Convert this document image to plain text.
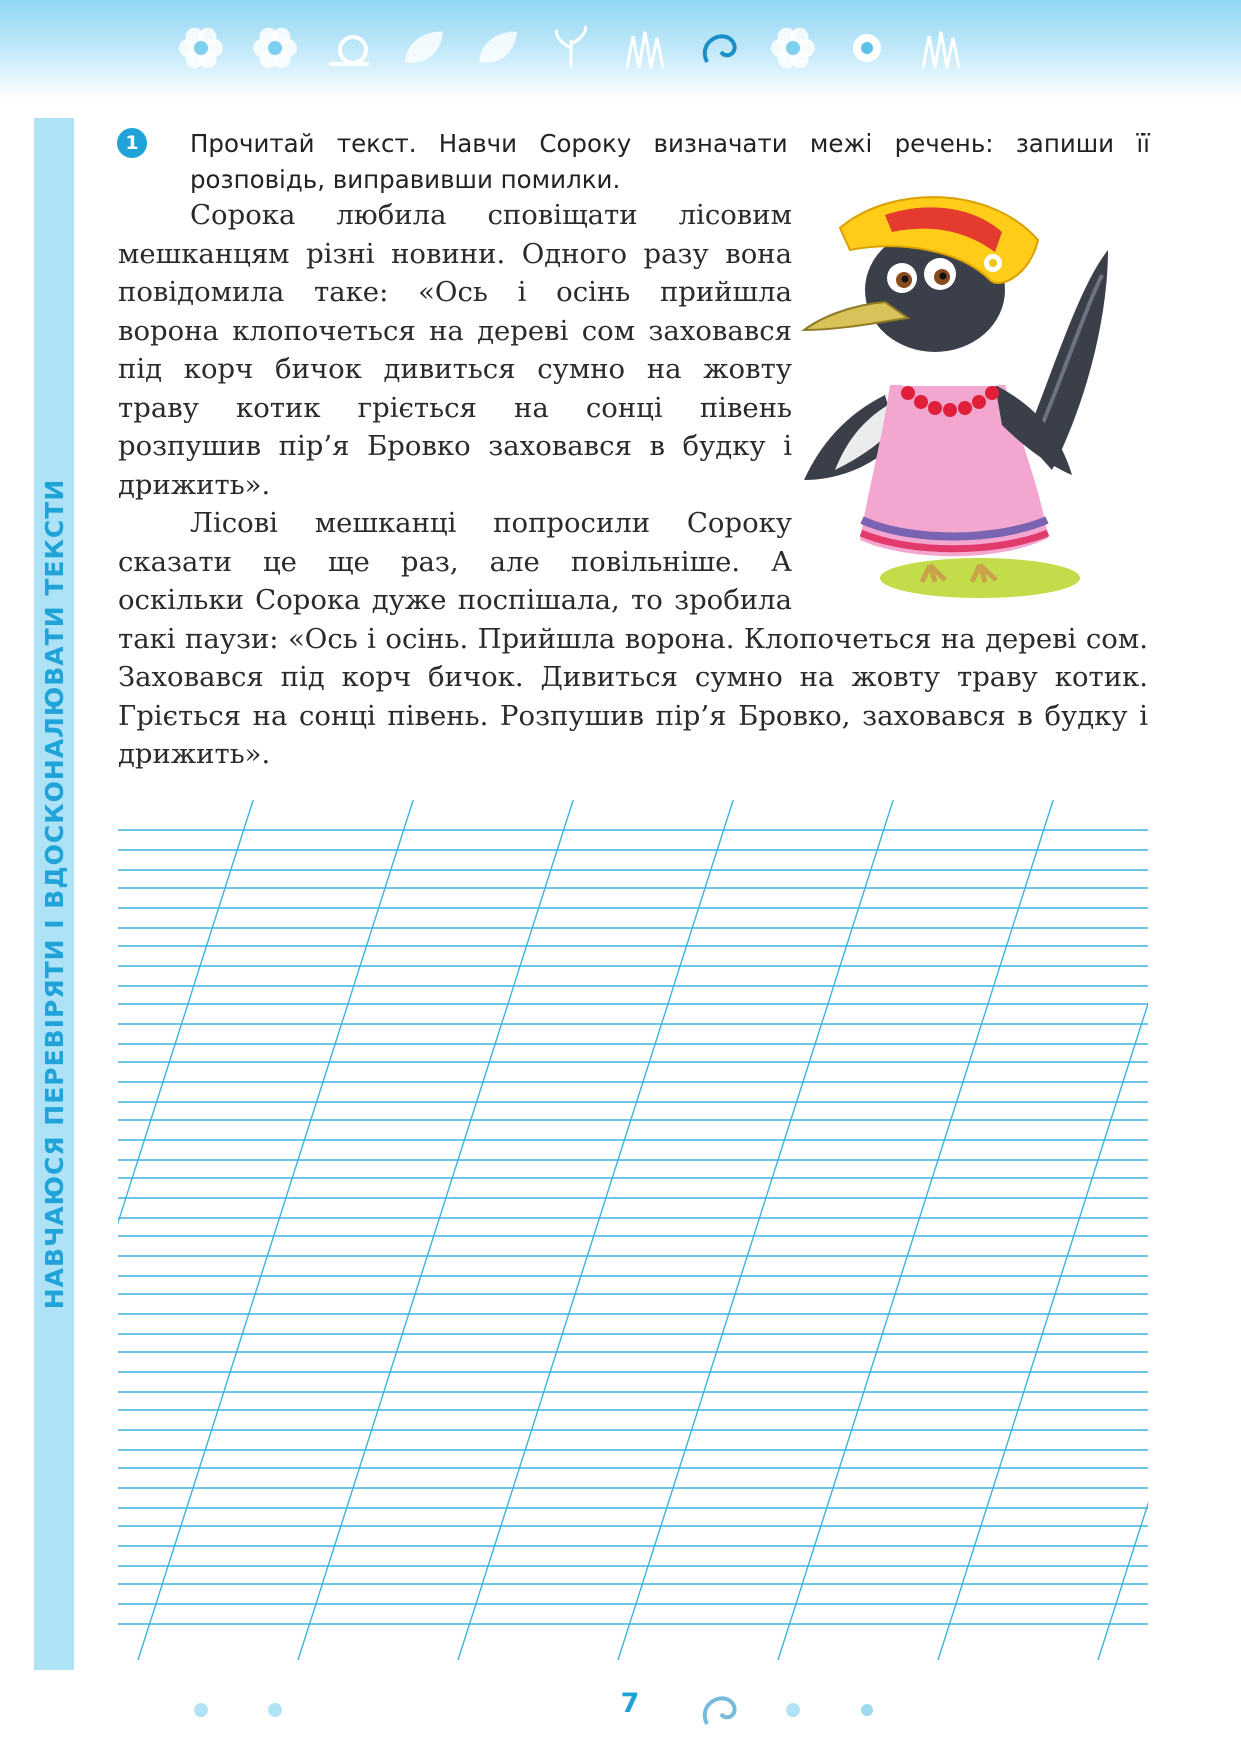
НАВЧАЮСЯ ПЕРЕВІРЯТИ І ВДОСКОНАЛЮВАТИ ТЕКСТИ
1	Прочитай текст. Навчи Сороку визначати межі речень: запиши її розповідь, виправивши помилки.

Сорока любила сповіщати лісовим мешканцям різні новини. Одного разу вона повідомила таке: «Ось і осінь прийшла ворона клопочеться на дереві сом заховався під корч бичок дивиться сумно на жовту траву котик гріється на сонці півень розпушив пір’я Бровко заховався в будку і дрижить».

Лісові мешканці попросили Сороку сказати це ще раз, але повільніше. А оскільки Сорока дуже поспішала, то зробила такі паузи: «Ось і осінь. Прийшла ворона. Клопочеться на дереві сом. Заховався під корч бичок. Дивиться сумно на жовту траву котик. Гріється на сонці півень. Розпушив пір’я Бровко, заховався в будку і дрижить».

7
